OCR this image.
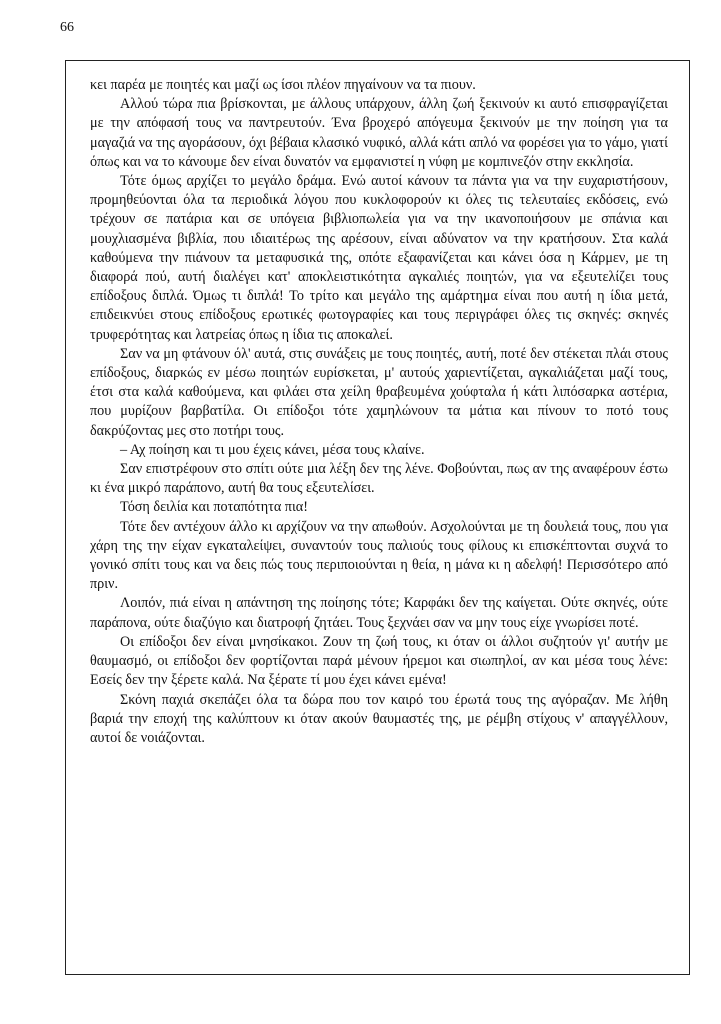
66

κει παρέα με ποιητές και μαζί ως ίσοι πλέον πηγαίνουν να τα πιουν.

Αλλού τώρα πια βρίσκονται, με άλλους υπάρχουν, άλλη ζωή ξεκινούν κι αυτό επισφραγίζεται με την απόφασή τους να παντρευτούν. Ένα βροχερό απόγευμα ξεκινούν με την ποίηση για τα μαγαζιά να της αγοράσουν, όχι βέβαια κλασικό νυφικό, αλλά κάτι απλό να φορέσει για το γάμο, γιατί όπως και να το κάνουμε δεν είναι δυνατόν να εμφανιστεί η νύφη με κομπινεζόν στην εκκλησία.

Τότε όμως αρχίζει το μεγάλο δράμα. Ενώ αυτοί κάνουν τα πάντα για να την ευχαριστήσουν, προμηθεύονται όλα τα περιοδικά λόγου που κυκλοφορούν κι όλες τις τελευταίες εκδόσεις, ενώ τρέχουν σε πατάρια και σε υπόγεια βιβλιοπωλεία για να την ικανοποιήσουν με σπάνια και μουχλιασμένα βιβλία, που ιδιαιτέρως της αρέσουν, είναι αδύνατον να την κρατήσουν. Στα καλά καθούμενα την πιάνουν τα μεταφυσικά της, οπότε εξαφανίζεται και κάνει όσα η Κάρμεν, με τη διαφορά πού, αυτή διαλέγει κατ' αποκλειστικότητα αγκαλιές ποιητών, για να εξευτελίζει τους επίδοξους διπλά. Όμως τι διπλά! Το τρίτο και μεγάλο της αμάρτημα είναι που αυτή η ίδια μετά, επιδεικνύει στους επίδοξους ερωτικές φωτογραφίες και τους περιγράφει όλες τις σκηνές: σκηνές τρυφερότητας και λατρείας όπως η ίδια τις αποκαλεί.

Σαν να μη φτάνουν όλ' αυτά, στις συνάξεις με τους ποιητές, αυτή, ποτέ δεν στέκεται πλάι στους επίδοξους, διαρκώς εν μέσω ποιητών ευρίσκεται, μ' αυτούς χαριεντίζεται, αγκαλιάζεται μαζί τους, έτσι στα καλά καθούμενα, και φιλάει στα χείλη θραβευμένα χούφταλα ή κάτι λιπόσαρκα αστέρια, που μυρίζουν βαρβατίλα. Οι επίδοξοι τότε χαμηλώνουν τα μάτια και πίνουν το ποτό τους δακρύζοντας μες στο ποτήρι τους.

– Αχ ποίηση και τι μου έχεις κάνει, μέσα τους κλαίνε.

Σαν επιστρέφουν στο σπίτι ούτε μια λέξη δεν της λένε. Φοβούνται, πως αν της αναφέρουν έστω κι ένα μικρό παράπονο, αυτή θα τους εξευτελίσει.

Τόση δειλία και ποταπότητα πια!

Τότε δεν αντέχουν άλλο κι αρχίζουν να την απωθούν. Ασχολούνται με τη δουλειά τους, που για χάρη της την είχαν εγκαταλείψει, συναντούν τους παλιούς τους φίλους κι επισκέπτονται συχνά το γονικό σπίτι τους και να δεις πώς τους περιποιούνται η θεία, η μάνα κι η αδελφή! Περισσότερο από πριν.

Λοιπόν, πιά είναι η απάντηση της ποίησης τότε; Καρφάκι δεν της καίγεται. Ούτε σκηνές, ούτε παράπονα, ούτε διαζύγιο και διατροφή ζητάει. Τους ξεχνάει σαν να μην τους είχε γνωρίσει ποτέ.

Οι επίδοξοι δεν είναι μνησίκακοι. Ζουν τη ζωή τους, κι όταν οι άλλοι συζητούν γι' αυτήν με θαυμασμό, οι επίδοξοι δεν φορτίζονται παρά μένουν ήρεμοι και σιωπηλοί, αν και μέσα τους λένε: Εσείς δεν την ξέρετε καλά. Να ξέρατε τί μου έχει κάνει εμένα!

Σκόνη παχιά σκεπάζει όλα τα δώρα που τον καιρό του έρωτά τους της αγόραζαν. Με λήθη βαριά την εποχή της καλύπτουν κι όταν ακούν θαυμαστές της, με ρέμβη στίχους ν' απαγγέλλουν, αυτοί δε νοιάζονται.
